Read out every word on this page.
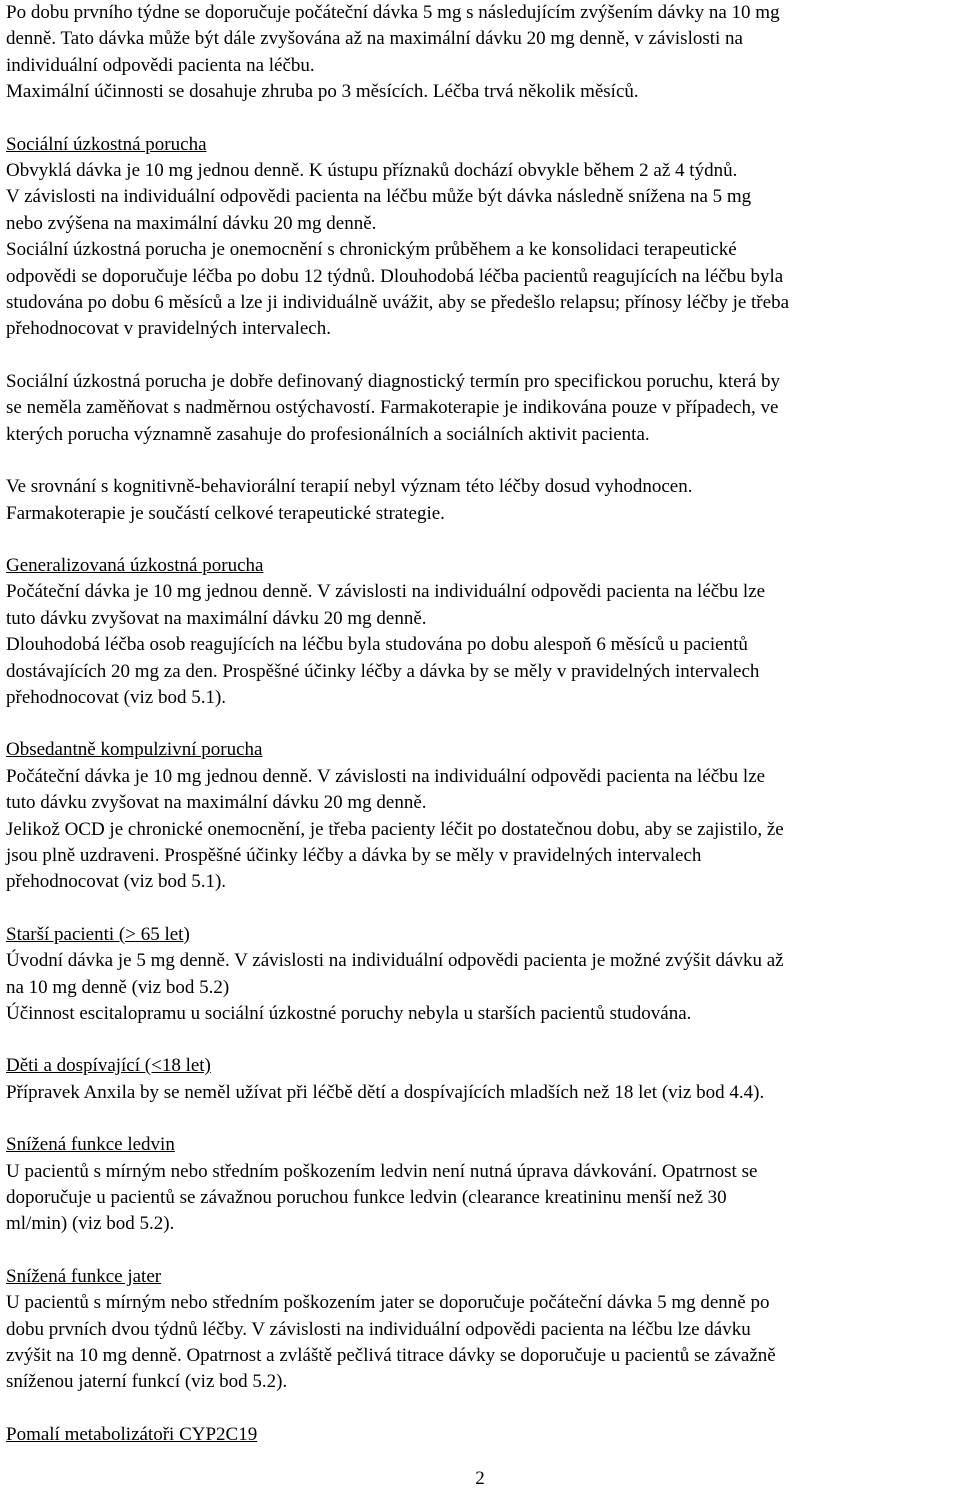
Po dobu prvního týdne se doporučuje počáteční dávka 5 mg s následujícím zvýšením dávky na 10 mg
denně. Tato dávka může být dále zvyšována až na maximální dávku 20 mg denně, v závislosti na
individuální odpovědi pacienta na léčbu.
Maximální účinnosti se dosahuje zhruba po 3 měsících. Léčba trvá několik měsíců.

Sociální úzkostná porucha

Obvyklá dávka je 10 mg jednou denně. K ústupu příznaků dochází obvykle během 2 až 4 týdnů.
V závislosti na individuální odpovědi pacienta na léčbu může být dávka následně snížena na 5 mg
nebo zvýšena na maximální dávku 20 mg denně.
Sociální úzkostná porucha je onemocnění s chronickým průběhem a ke konsolidaci terapeutické
odpovědi se doporučuje léčba po dobu 12 týdnů. Dlouhodobá léčba pacientů reagujících na léčbu byla
studována po dobu 6 měsíců a lze ji individuálně uvážit, aby se předešlo relapsu; přínosy léčby je třeba
přehodnocovat v pravidelných intervalech.

Sociální úzkostná porucha je dobře definovaný diagnostický termín pro specifickou poruchu, která by
se neměla zaměňovat s nadměrnou ostýchavostí. Farmakoterapie je indikována pouze v případech, ve
kterých porucha významně zasahuje do profesionálních a sociálních aktivit pacienta.

Ve srovnání s kognitivně-behaviorální terapií nebyl význam této léčby dosud vyhodnocen.
Farmakoterapie je součástí celkové terapeutické strategie.

Generalizovaná úzkostná porucha

Počáteční dávka je 10 mg jednou denně. V závislosti na individuální odpovědi pacienta na léčbu lze
tuto dávku zvyšovat na maximální dávku 20 mg denně.
Dlouhodobá léčba osob reagujících na léčbu byla studována po dobu alespoň 6 měsíců u pacientů
dostávajících 20 mg za den. Prospěšné účinky léčby a dávka by se měly v pravidelných intervalech
přehodnocovat (viz bod 5.1).

Obsedantně kompulzivní porucha

Počáteční dávka je 10 mg jednou denně. V závislosti na individuální odpovědi pacienta na léčbu lze
tuto dávku zvyšovat na maximální dávku 20 mg denně.
Jelikož OCD je chronické onemocnění, je třeba pacienty léčit po dostatečnou dobu, aby se zajistilo, že
jsou plně uzdraveni. Prospěšné účinky léčby a dávka by se měly v pravidelných intervalech
přehodnocovat (viz bod 5.1).

Starší pacienti (> 65 let)

Úvodní dávka je 5 mg denně. V závislosti na individuální odpovědi pacienta je možné zvýšit dávku až
na 10 mg denně (viz bod 5.2)
Účinnost escitalopramu u sociální úzkostné poruchy nebyla u starších pacientů studována.

Děti a dospívající (<18 let)

Přípravek Anxila by se neměl užívat při léčbě dětí a dospívajících mladších než 18 let (viz bod 4.4).

Snížená funkce ledvin

U pacientů s mírným nebo středním poškozením ledvin není nutná úprava dávkování. Opatrnost se
doporučuje u pacientů se závažnou poruchou funkce ledvin (clearance kreatininu menší než 30
ml/min) (viz bod 5.2).

Snížená funkce jater

U pacientů s mírným nebo středním poškozením jater se doporučuje počáteční dávka 5 mg denně po
dobu prvních dvou týdnů léčby. V závislosti na individuální odpovědi pacienta na léčbu lze dávku
zvýšit na 10 mg denně. Opatrnost a zvláště pečlivá titrace dávky se doporučuje u pacientů se závažně
sníženou jaterní funkcí (viz bod 5.2).

Pomalí metabolizátoři CYP2C19

2
